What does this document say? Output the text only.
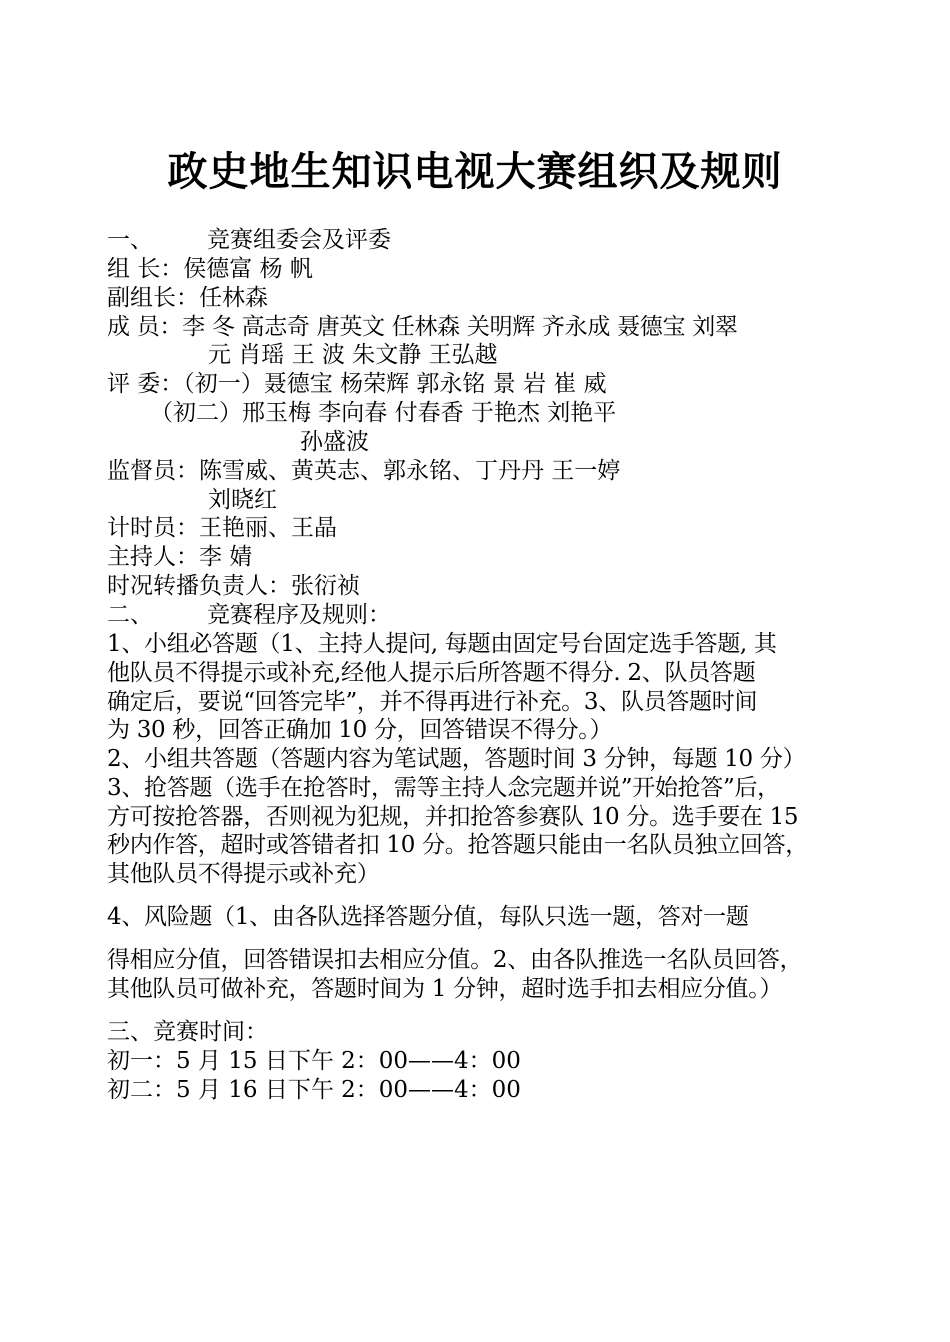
政史地生知识电视大赛组织及规则
一、 竞赛组委会及评委
组 长：侯德富 杨 帆
副组长：任林森
成 员：李 冬 高志奇 唐英文 任林森 关明辉 齐永成 聂德宝 刘翠
元 肖瑶 王 波 朱文静 王弘越
评 委：（初一）聂德宝 杨荣辉 郭永铭 景 岩 崔 威
（初二）邢玉梅 李向春 付春香 于艳杰 刘艳平
孙盛波
监督员：陈雪威、黄英志、郭永铭、丁丹丹 王一婷
刘晓红
计时员：王艳丽、王晶
主持人：李 婧
时况转播负责人：张衍祯
二、 竞赛程序及规则：
1、小组必答题（1、主持人提问, 每题由固定号台固定选手答题, 其
他队员不得提示或补充,经他人提示后所答题不得分. 2、队员答题
确定后，要说“回答完毕”，并不得再进行补充。3、队员答题时间
为 30 秒，回答正确加 10 分，回答错误不得分。）
2、小组共答题（答题内容为笔试题，答题时间 3 分钟，每题 10 分）
3、抢答题（选手在抢答时，需等主持人念完题并说”开始抢答”后，
方可按抢答器，否则视为犯规，并扣抢答参赛队 10 分。选手要在 15
秒内作答，超时或答错者扣 10 分。抢答题只能由一名队员独立回答，
其他队员不得提示或补充）
4、风险题（1、由各队选择答题分值，每队只选一题，答对一题
得相应分值，回答错误扣去相应分值。2、由各队推选一名队员回答，
其他队员可做补充，答题时间为 1 分钟，超时选手扣去相应分值。）
三、竞赛时间：
初一：5 月 15 日下午 2：00——4：00
初二：5 月 16 日下午 2：00——4：00
